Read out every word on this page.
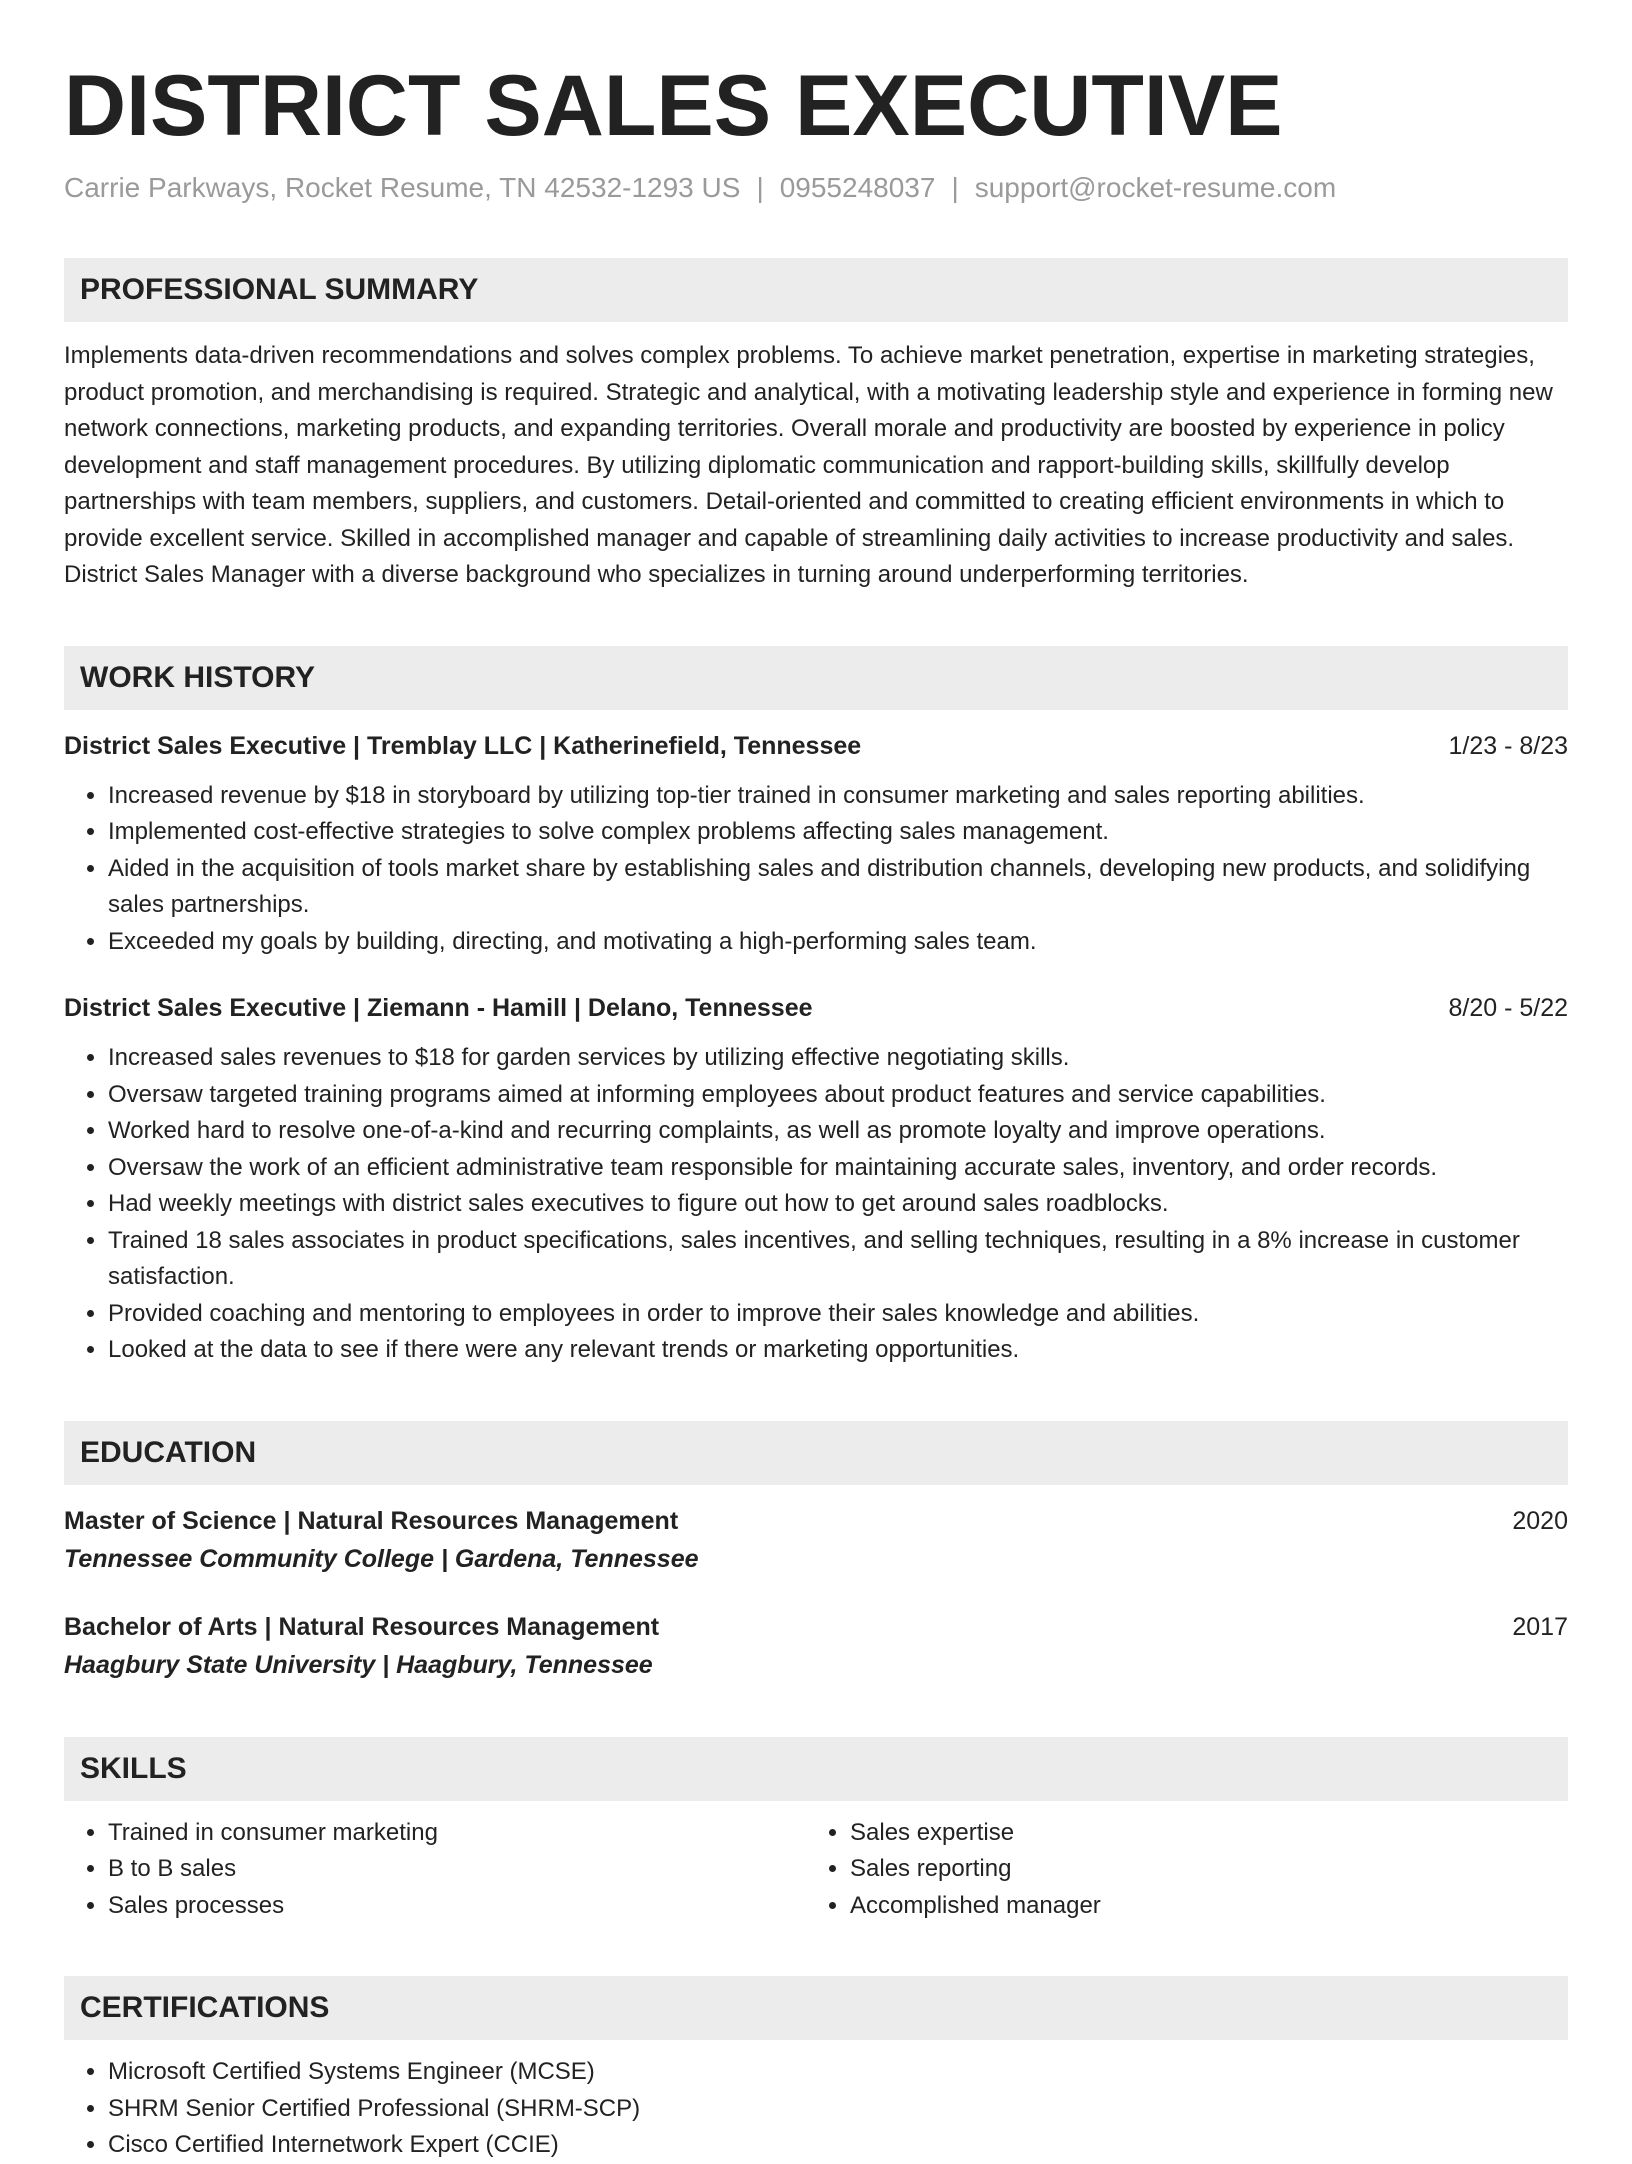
DISTRICT SALES EXECUTIVE
Carrie Parkways, Rocket Resume, TN 42532-1293 US | 0955248037 | support@rocket-resume.com
PROFESSIONAL SUMMARY
Implements data-driven recommendations and solves complex problems. To achieve market penetration, expertise in marketing strategies, product promotion, and merchandising is required. Strategic and analytical, with a motivating leadership style and experience in forming new network connections, marketing products, and expanding territories. Overall morale and productivity are boosted by experience in policy development and staff management procedures. By utilizing diplomatic communication and rapport-building skills, skillfully develop partnerships with team members, suppliers, and customers. Detail-oriented and committed to creating efficient environments in which to provide excellent service. Skilled in accomplished manager and capable of streamlining daily activities to increase productivity and sales. District Sales Manager with a diverse background who specializes in turning around underperforming territories.
WORK HISTORY
District Sales Executive | Tremblay LLC | Katherinefield, Tennessee	1/23 - 8/23
• Increased revenue by $18 in storyboard by utilizing top-tier trained in consumer marketing and sales reporting abilities.
• Implemented cost-effective strategies to solve complex problems affecting sales management.
• Aided in the acquisition of tools market share by establishing sales and distribution channels, developing new products, and solidifying sales partnerships.
• Exceeded my goals by building, directing, and motivating a high-performing sales team.
District Sales Executive | Ziemann - Hamill | Delano, Tennessee	8/20 - 5/22
• Increased sales revenues to $18 for garden services by utilizing effective negotiating skills.
• Oversaw targeted training programs aimed at informing employees about product features and service capabilities.
• Worked hard to resolve one-of-a-kind and recurring complaints, as well as promote loyalty and improve operations.
• Oversaw the work of an efficient administrative team responsible for maintaining accurate sales, inventory, and order records.
• Had weekly meetings with district sales executives to figure out how to get around sales roadblocks.
• Trained 18 sales associates in product specifications, sales incentives, and selling techniques, resulting in a 8% increase in customer satisfaction.
• Provided coaching and mentoring to employees in order to improve their sales knowledge and abilities.
• Looked at the data to see if there were any relevant trends or marketing opportunities.
EDUCATION
Master of Science | Natural Resources Management	2020
Tennessee Community College | Gardena, Tennessee
Bachelor of Arts | Natural Resources Management	2017
Haagbury State University | Haagbury, Tennessee
SKILLS
• Trained in consumer marketing
• B to B sales
• Sales processes
• Sales expertise
• Sales reporting
• Accomplished manager
CERTIFICATIONS
• Microsoft Certified Systems Engineer (MCSE)
• SHRM Senior Certified Professional (SHRM-SCP)
• Cisco Certified Internetwork Expert (CCIE)
